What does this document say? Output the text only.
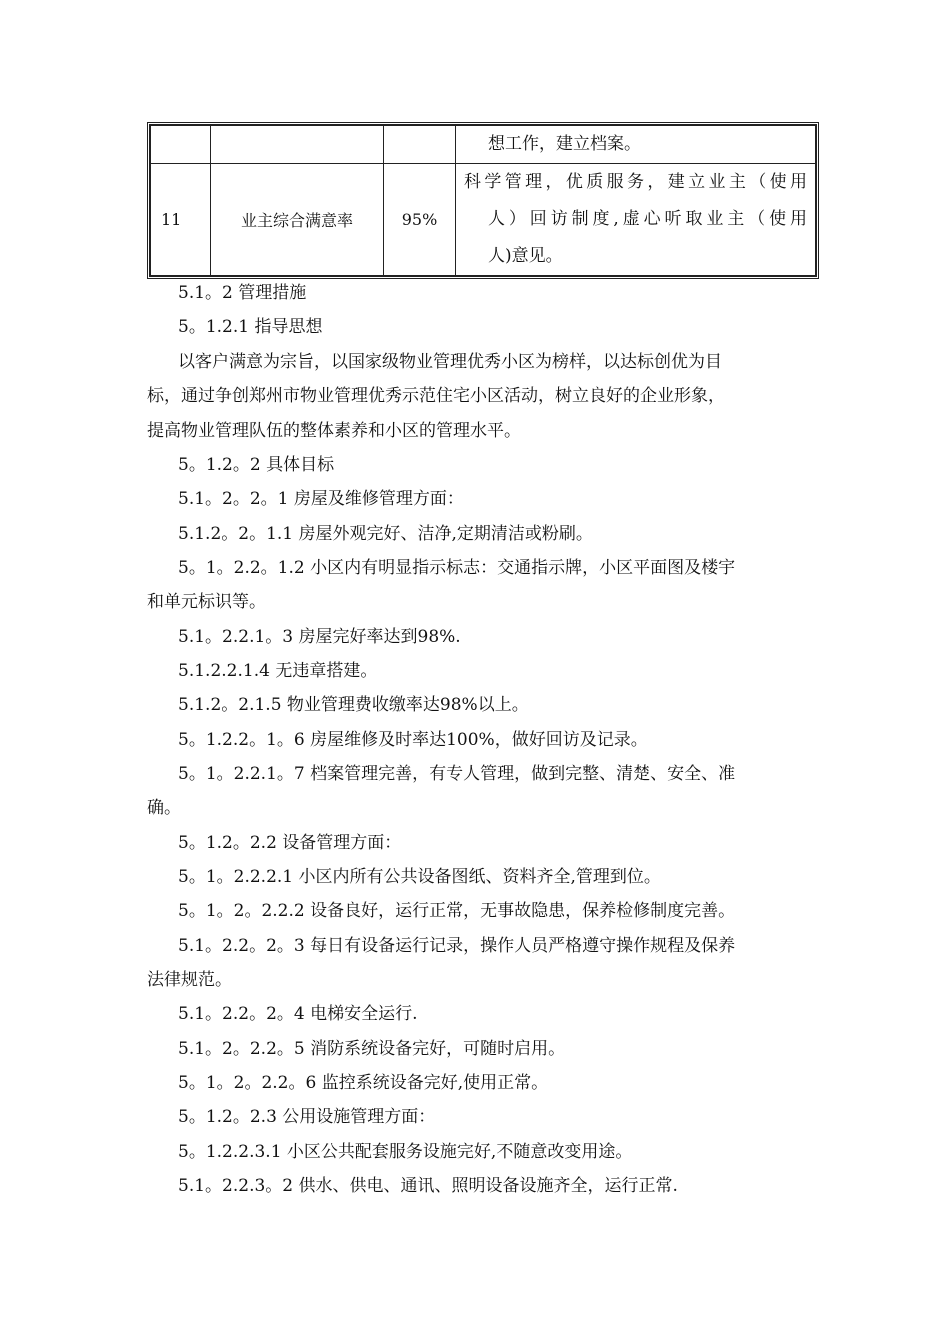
			想工作，建立档案。

11	业主综合满意率	95%	科学管理，优质服务，建立业主（使用
人）回访制度,虚心听取业主（使用
人)意见。
5.1。2 管理措施
5。1.2.1 指导思想
以客户满意为宗旨，以国家级物业管理优秀小区为榜样，以达标创优为目
标，通过争创郑州市物业管理优秀示范住宅小区活动，树立良好的企业形象，
提高物业管理队伍的整体素养和小区的管理水平。
5。1.2。2 具体目标
5.1。2。2。1 房屋及维修管理方面：
5.1.2。2。1.1 房屋外观完好、洁净,定期清洁或粉刷。
5。1。2.2。1.2 小区内有明显指示标志：交通指示牌，小区平面图及楼宇
和单元标识等。
5.1。2.2.1。3 房屋完好率达到98%.
5.1.2.2.1.4 无违章搭建。
5.1.2。2.1.5 物业管理费收缴率达98%以上。
5。1.2.2。1。6 房屋维修及时率达100%，做好回访及记录。
5。1。2.2.1。7 档案管理完善，有专人管理，做到完整、清楚、安全、准
确。
5。1.2。2.2 设备管理方面：
5。1。2.2.2.1 小区内所有公共设备图纸、资料齐全,管理到位。
5。1。2。2.2.2 设备良好，运行正常，无事故隐患，保养检修制度完善。
5.1。2.2。2。3 每日有设备运行记录，操作人员严格遵守操作规程及保养
法律规范。
5.1。2.2。2。4 电梯安全运行.
5.1。2。2.2。5 消防系统设备完好，可随时启用。
5。1。2。2.2。6 监控系统设备完好,使用正常。
5。1.2。2.3 公用设施管理方面：
5。1.2.2.3.1 小区公共配套服务设施完好,不随意改变用途。
5.1。2.2.3。2 供水、供电、通讯、照明设备设施齐全，运行正常.
